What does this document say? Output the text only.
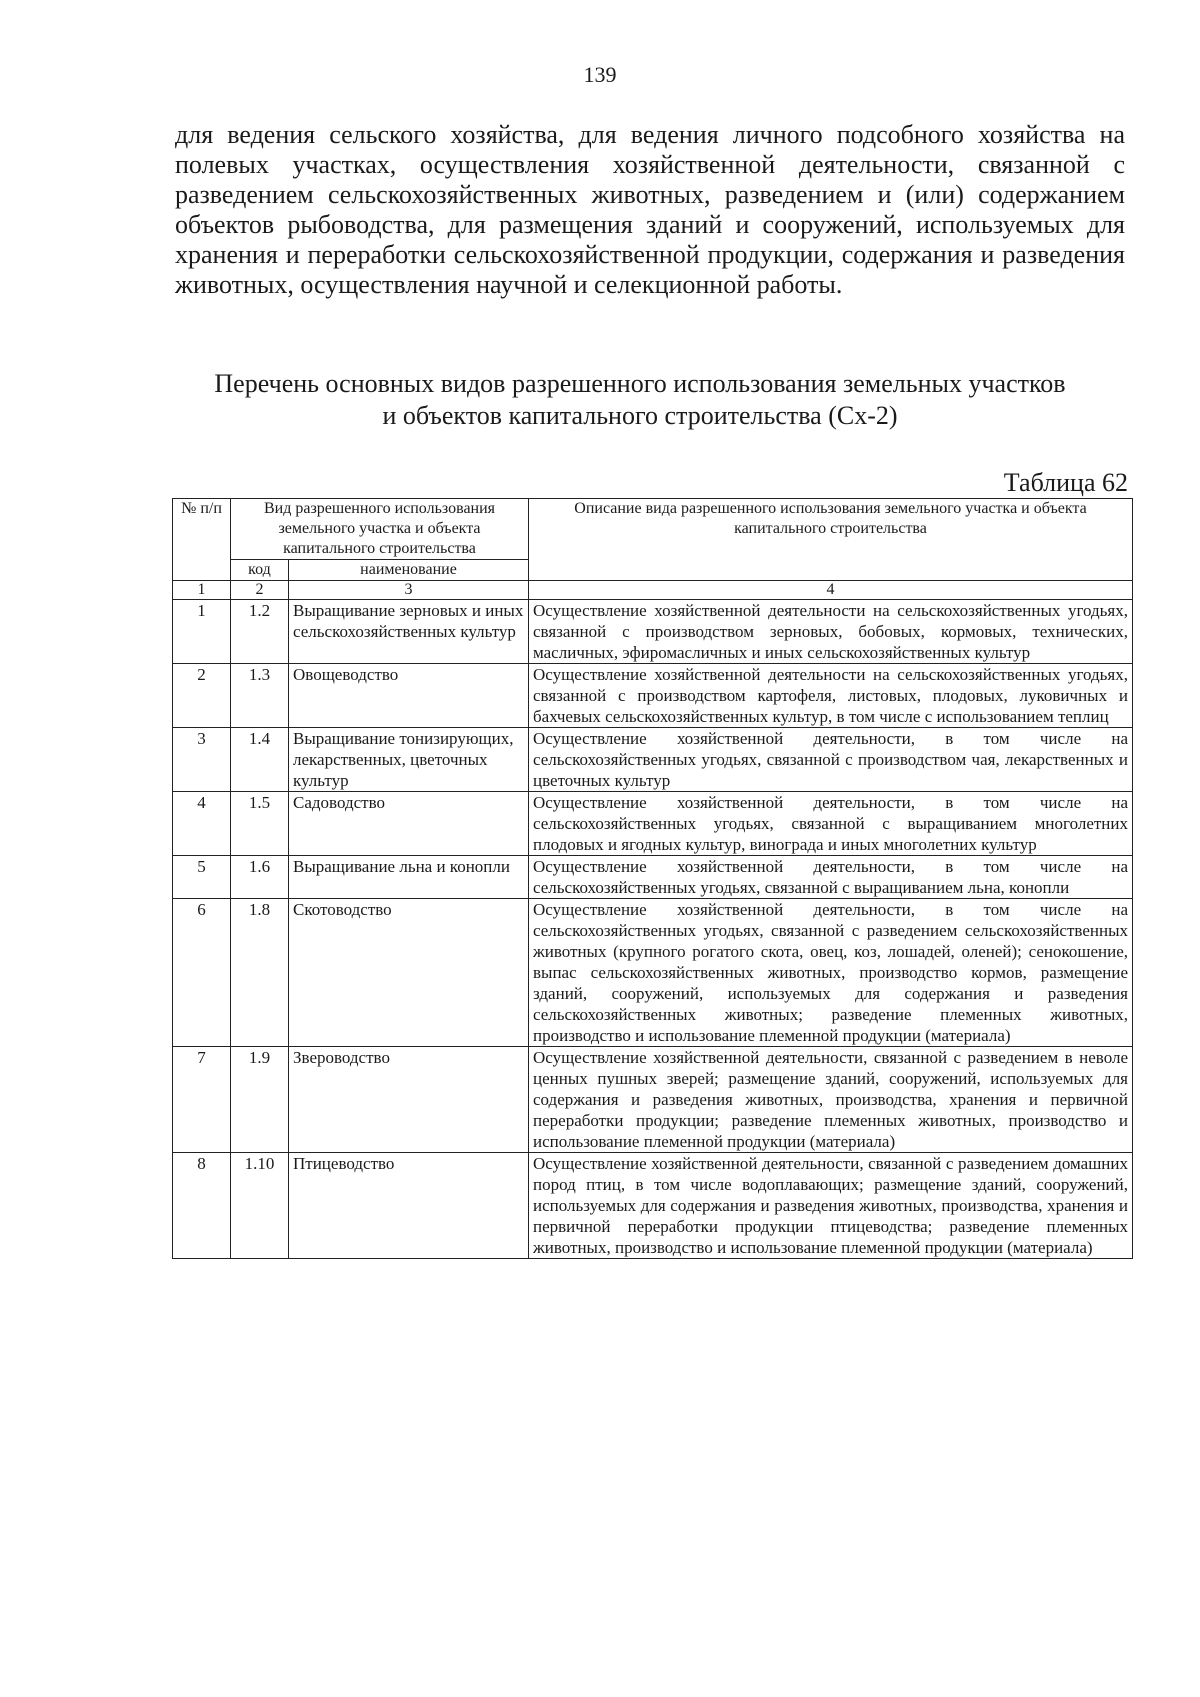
139
для ведения сельского хозяйства, для ведения личного подсобного хозяйства на полевых участках, осуществления хозяйственной деятельности, связанной с разведением сельскохозяйственных животных, разведением и (или) содержанием объектов рыбоводства, для размещения зданий и сооружений, используемых для хранения и переработки сельскохозяйственной продукции, содержания и разведения животных, осуществления научной и селекционной работы.
Перечень основных видов разрешенного использования земельных участков
и объектов капитального строительства (Сх-2)
Таблица 62
№ п/п	Вид разрешенного использования земельного участка и объекта капитального строительства		Описание вида разрешенного использования земельного участка и объекта капитального строительства
	код	наименование	
1	2	3	4
1	1.2	Выращивание зерновых и иных сельскохозяйственных культур	Осуществление хозяйственной деятельности на сельскохозяйственных угодьях, связанной с производством зерновых, бобовых, кормовых, технических, масличных, эфиромасличных и иных сельскохозяйственных культур
2	1.3	Овощеводство	Осуществление хозяйственной деятельности на сельскохозяйственных угодьях, связанной с производством картофеля, листовых, плодовых, луковичных и бахчевых сельскохозяйственных культур, в том числе с использованием теплиц
3	1.4	Выращивание тонизирующих, лекарственных, цветочных культур	Осуществление хозяйственной деятельности, в том числе на сельскохозяйственных угодьях, связанной с производством чая, лекарственных и цветочных культур
4	1.5	Садоводство	Осуществление хозяйственной деятельности, в том числе на сельскохозяйственных угодьях, связанной с выращиванием многолетних плодовых и ягодных культур, винограда и иных многолетних культур
5	1.6	Выращивание льна и конопли	Осуществление хозяйственной деятельности, в том числе на сельскохозяйственных угодьях, связанной с выращиванием льна, конопли
6	1.8	Скотоводство	Осуществление хозяйственной деятельности, в том числе на сельскохозяйственных угодьях, связанной с разведением сельскохозяйственных животных (крупного рогатого скота, овец, коз, лошадей, оленей); сенокошение, выпас сельскохозяйственных животных, производство кормов, размещение зданий, сооружений, используемых для содержания и разведения сельскохозяйственных животных; разведение племенных животных, производство и использование племенной продукции (материала)
7	1.9	Звероводство	Осуществление хозяйственной деятельности, связанной с разведением в неволе ценных пушных зверей; размещение зданий, сооружений, используемых для содержания и разведения животных, производства, хранения и первичной переработки продукции; разведение племенных животных, производство и использование племенной продукции (материала)
8	1.10	Птицеводство	Осуществление хозяйственной деятельности, связанной с разведением домашних пород птиц, в том числе водоплавающих; размещение зданий, сооружений, используемых для содержания и разведения животных, производства, хранения и первичной переработки продукции птицеводства; разведение племенных животных, производство и использование племенной продукции (материала)
